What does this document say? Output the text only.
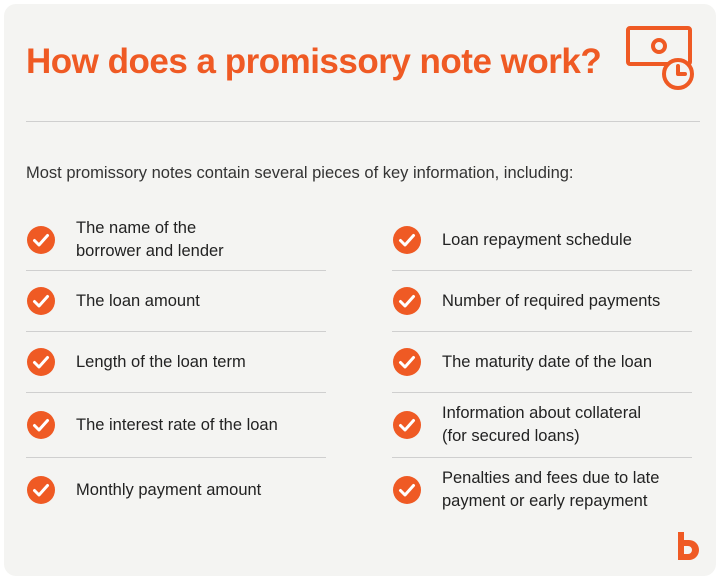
How does a promissory note work?
Most promissory notes contain several pieces of key information, including:
The name of the
borrower and lender
The loan amount
Length of the loan term
The interest rate of the loan
Monthly payment amount
Loan repayment schedule
Number of required payments
The maturity date of the loan
Information about collateral
(for secured loans)
Penalties and fees due to late
payment or early repayment
